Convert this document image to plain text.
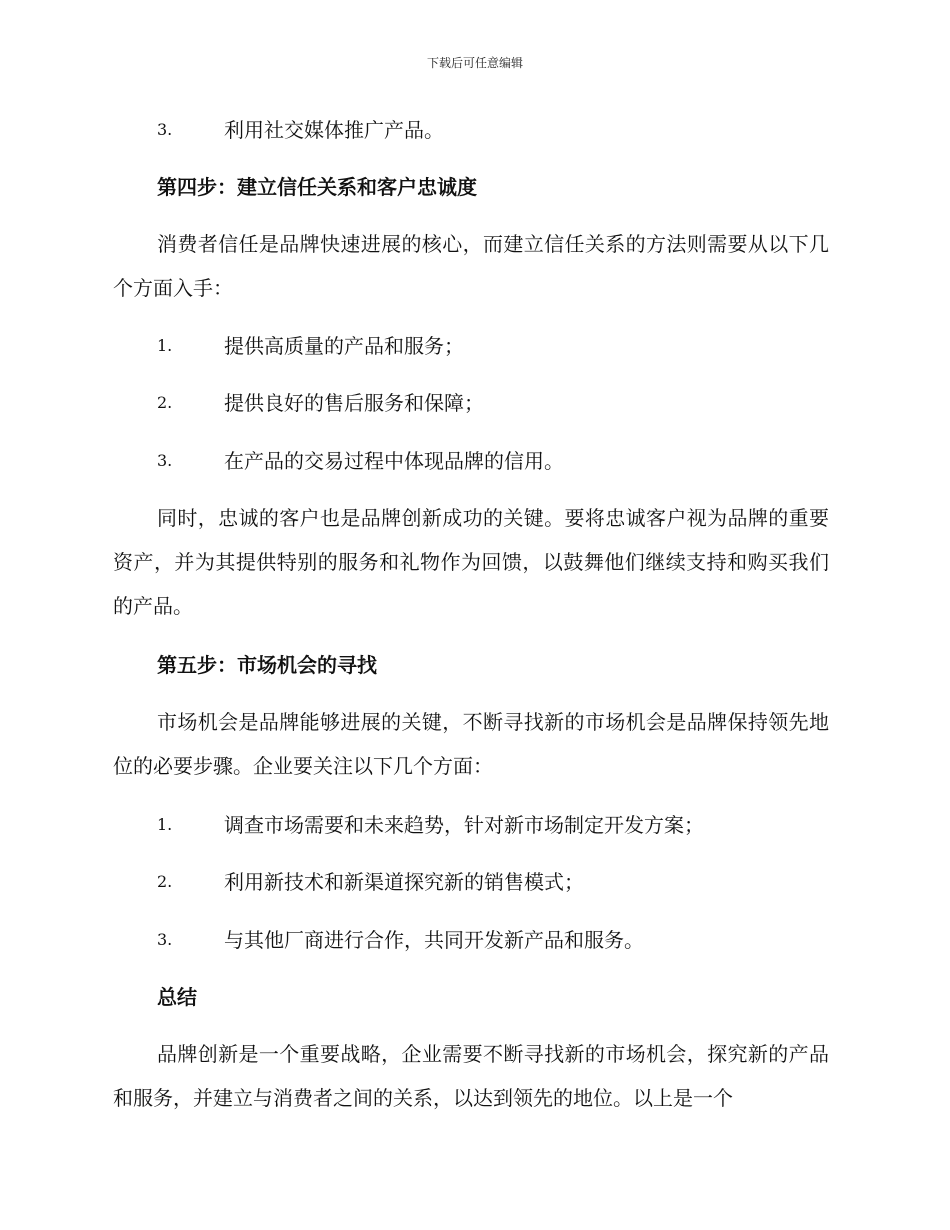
下载后可任意编辑
3.	利用社交媒体推广产品。
第四步：建立信任关系和客户忠诚度

消费者信任是品牌快速进展的核心，而建立信任关系的方法则需要从以下几个方面入手：

1.	提供高质量的产品和服务；
2.	提供良好的售后服务和保障；
3.	在产品的交易过程中体现品牌的信用。

同时，忠诚的客户也是品牌创新成功的关键。要将忠诚客户视为品牌的重要资产，并为其提供特别的服务和礼物作为回馈，以鼓舞他们继续支持和购买我们的产品。

第五步：市场机会的寻找

市场机会是品牌能够进展的关键，不断寻找新的市场机会是品牌保持领先地位的必要步骤。企业要关注以下几个方面：

1.	调查市场需要和未来趋势，针对新市场制定开发方案；
2.	利用新技术和新渠道探究新的销售模式；
3.	与其他厂商进行合作，共同开发新产品和服务。
总结

品牌创新是一个重要战略，企业需要不断寻找新的市场机会，探究新的产品和服务，并建立与消费者之间的关系，以达到领先的地位。以上是一个
